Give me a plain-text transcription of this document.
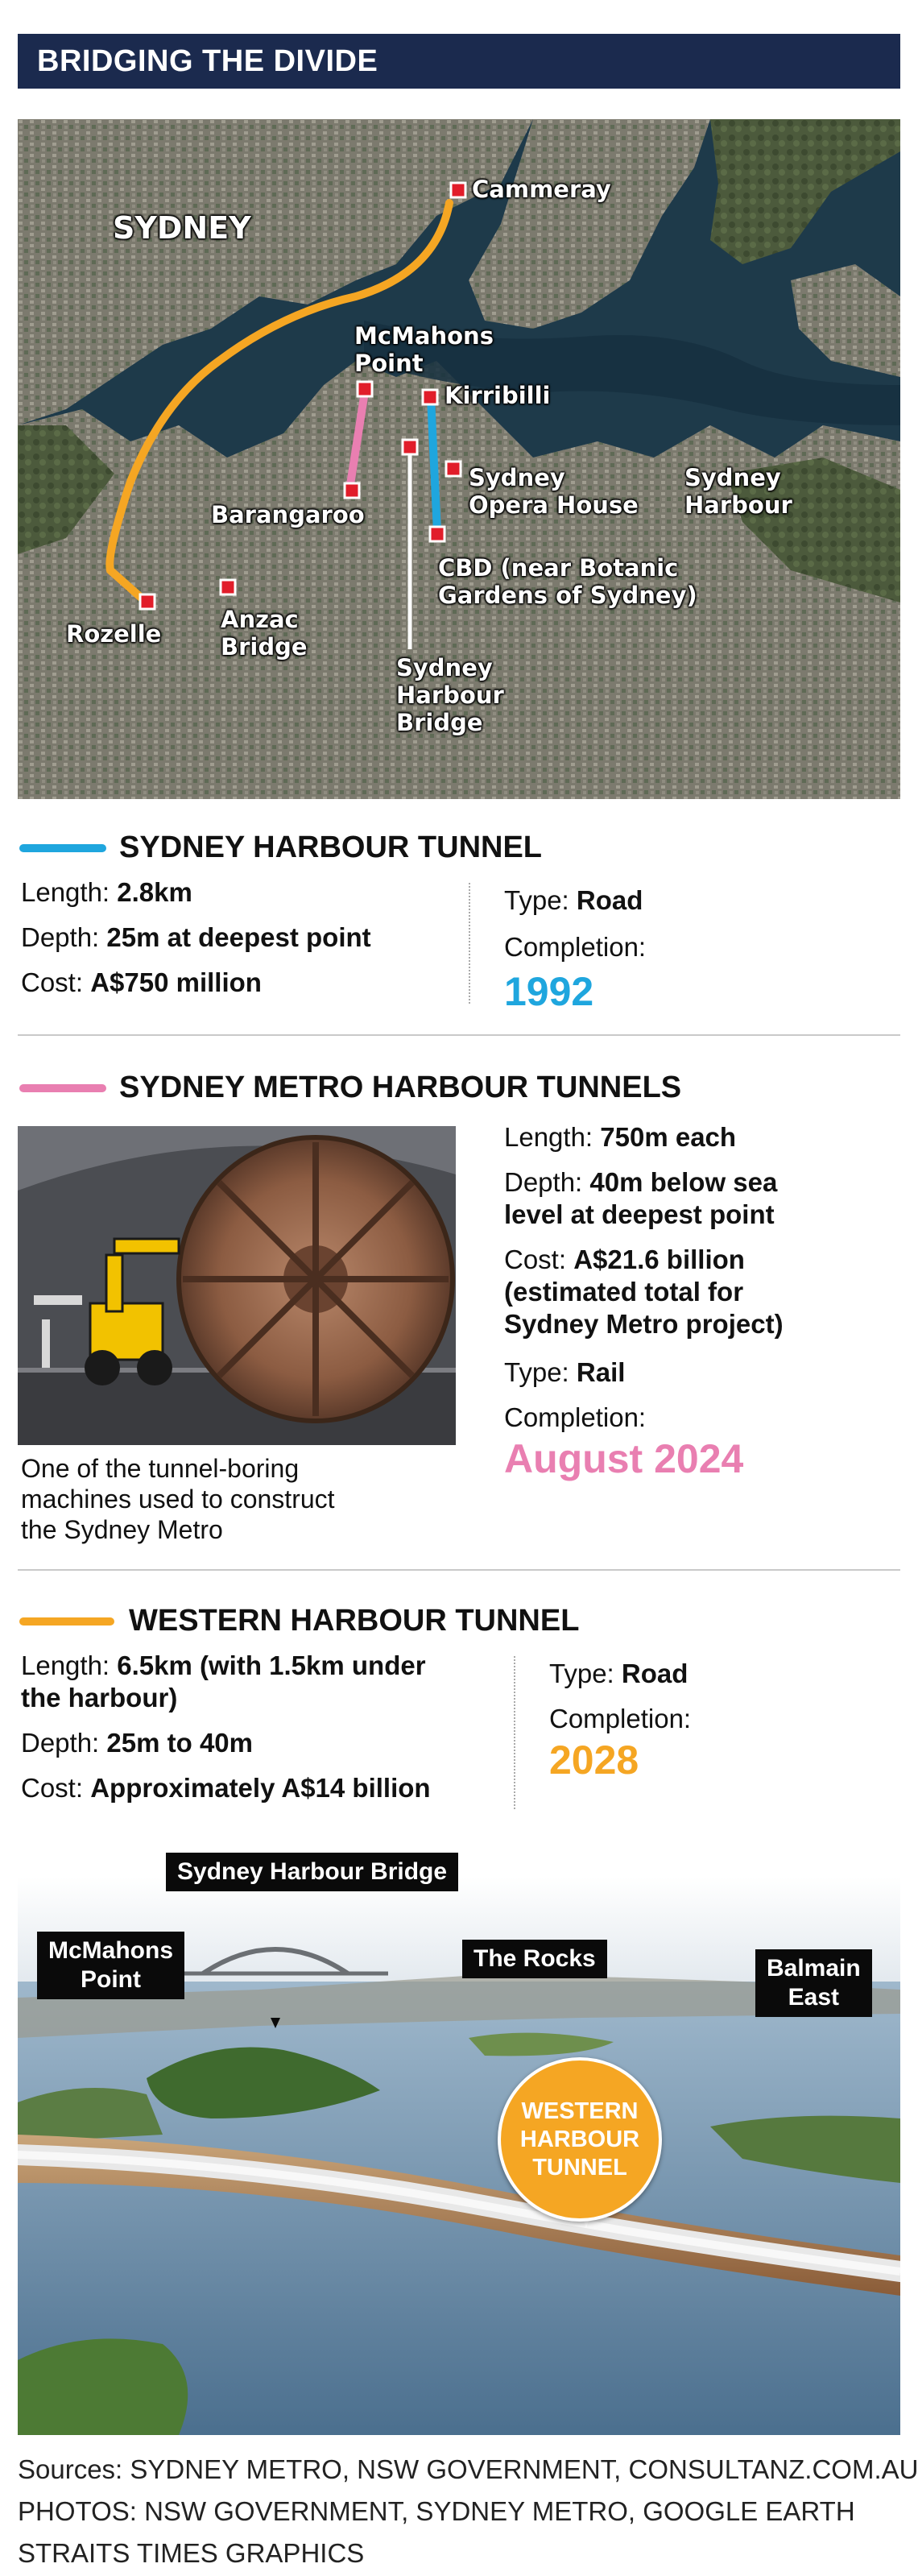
BRIDGING THE DIVIDE
SYDNEY
Cammeray
McMahons
Point
Kirribilli
Sydney
Opera House
Sydney
Harbour
Barangaroo
CBD (near Botanic
Gardens of Sydney)
Rozelle
Anzac
Bridge
Sydney
Harbour
Bridge
SYDNEY HARBOUR TUNNEL
Length: 2.8km
Depth: 25m at deepest point
Cost: A$750 million
Type: Road
Completion:
1992
SYDNEY METRO HARBOUR TUNNELS
One of the tunnel-boring
machines used to construct
the Sydney Metro
Length: 750m each
Depth: 40m below sea
level at deepest point
Cost: A$21.6 billion
(estimated total for
Sydney Metro project)
Type: Rail
Completion:
August 2024
WESTERN HARBOUR TUNNEL
Length: 6.5km (with 1.5km under
the harbour)
Depth: 25m to 40m
Cost: Approximately A$14 billion
Type: Road
Completion:
2028
Sydney Harbour Bridge
McMahons
Point
The Rocks	Balmain
East
WESTERN
HARBOUR
TUNNEL
Sources: SYDNEY METRO, NSW GOVERNMENT, CONSULTANZ.COM.AU
PHOTOS: NSW GOVERNMENT, SYDNEY METRO, GOOGLE EARTH
STRAITS TIMES GRAPHICS
